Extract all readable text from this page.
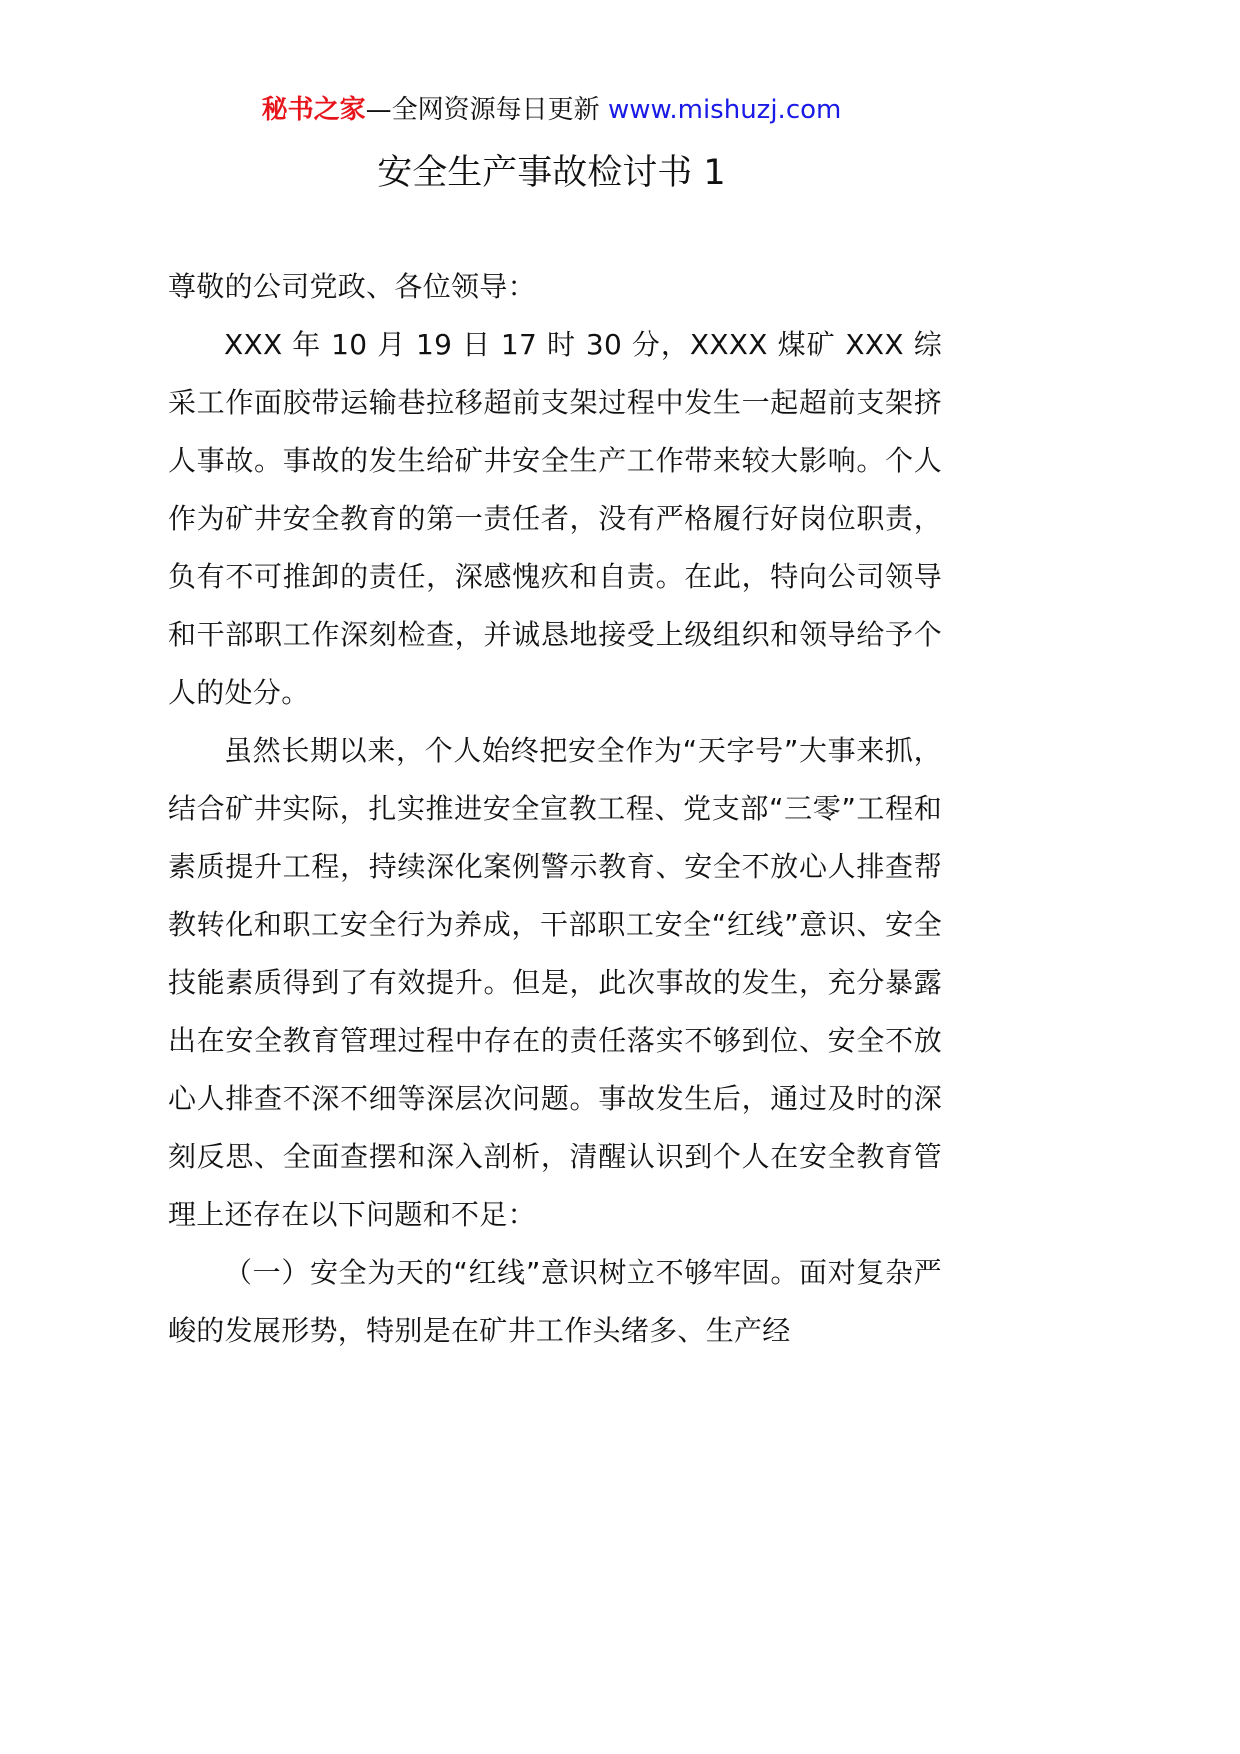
秘书之家—全网资源每日更新 www.mishuzj.com
安全生产事故检讨书 1

尊敬的公司党政、各位领导：

XXX 年 10 月 19 日 17 时 30 分，XXXX 煤矿 XXX 综采工作面胶带运输巷拉移超前支架过程中发生一起超前支架挤人事故。事故的发生给矿井安全生产工作带来较大影响。个人作为矿井安全教育的第一责任者，没有严格履行好岗位职责，负有不可推卸的责任，深感愧疚和自责。在此，特向公司领导和干部职工作深刻检查，并诚恳地接受上级组织和领导给予个人的处分。

虽然长期以来，个人始终把安全作为“天字号”大事来抓，结合矿井实际，扎实推进安全宣教工程、党支部“三零”工程和素质提升工程，持续深化案例警示教育、安全不放心人排查帮教转化和职工安全行为养成，干部职工安全“红线”意识、安全技能素质得到了有效提升。但是，此次事故的发生，充分暴露出在安全教育管理过程中存在的责任落实不够到位、安全不放心人排查不深不细等深层次问题。事故发生后，通过及时的深刻反思、全面查摆和深入剖析，清醒认识到个人在安全教育管理上还存在以下问题和不足：

（一）安全为天的“红线”意识树立不够牢固。面对复杂严峻的发展形势，特别是在矿井工作头绪多、生产经
